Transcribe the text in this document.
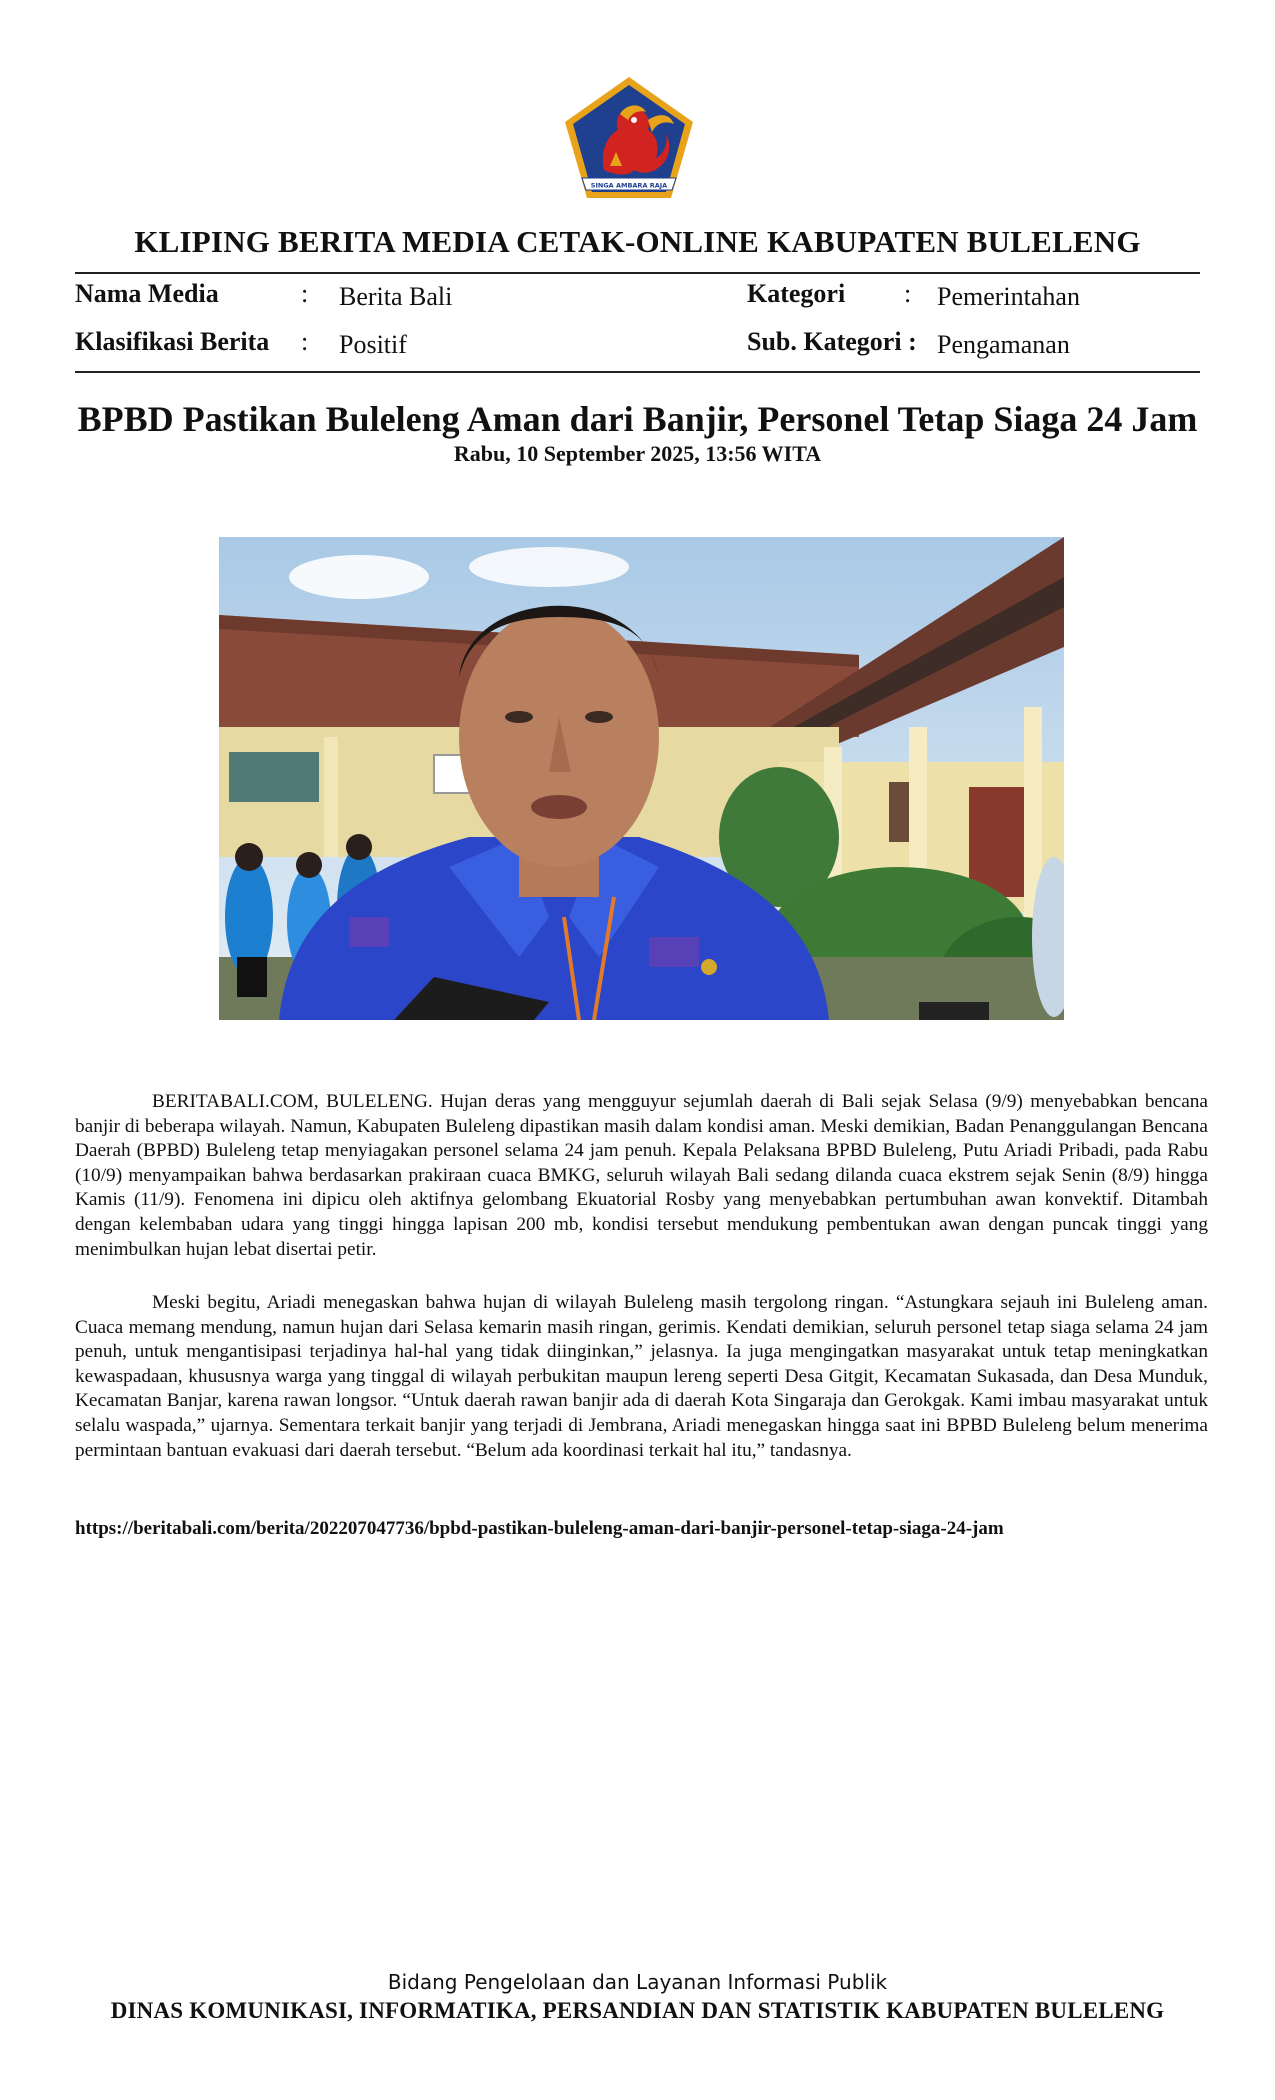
SINGA AMBARA RAJA
KLIPING BERITA MEDIA CETAK-ONLINE KABUPATEN BULELENG
Nama Media	: Berita Bali
Klasifikasi Berita : Positif
Kategori : Pemerintahan
Sub. Kategori : Pengamanan
BPBD Pastikan Buleleng Aman dari Banjir, Personel Tetap Siaga 24 Jam
Rabu, 10 September 2025, 13:56 WITA

BERITABALI.COM, BULELENG. Hujan deras yang mengguyur sejumlah daerah di Bali sejak Selasa (9/9) menyebabkan bencana banjir di beberapa wilayah. Namun, Kabupaten Buleleng dipastikan masih dalam kondisi aman. Meski demikian, Badan Penanggulangan Bencana Daerah (BPBD) Buleleng tetap menyiagakan personel selama 24 jam penuh. Kepala Pelaksana BPBD Buleleng, Putu Ariadi Pribadi, pada Rabu (10/9) menyampaikan bahwa berdasarkan prakiraan cuaca BMKG, seluruh wilayah Bali sedang dilanda cuaca ekstrem sejak Senin (8/9) hingga Kamis (11/9). Fenomena ini dipicu oleh aktifnya gelombang Ekuatorial Rosby yang menyebabkan pertumbuhan awan konvektif. Ditambah dengan kelembaban udara yang tinggi hingga lapisan 200 mb, kondisi tersebut mendukung pembentukan awan dengan puncak tinggi yang menimbulkan hujan lebat disertai petir.

Meski begitu, Ariadi menegaskan bahwa hujan di wilayah Buleleng masih tergolong ringan. “Astungkara sejauh ini Buleleng aman. Cuaca memang mendung, namun hujan dari Selasa kemarin masih ringan, gerimis. Kendati demikian, seluruh personel tetap siaga selama 24 jam penuh, untuk mengantisipasi terjadinya hal-hal yang tidak diinginkan,” jelasnya. Ia juga mengingatkan masyarakat untuk tetap meningkatkan kewaspadaan, khususnya warga yang tinggal di wilayah perbukitan maupun lereng seperti Desa Gitgit, Kecamatan Sukasada, dan Desa Munduk, Kecamatan Banjar, karena rawan longsor. “Untuk daerah rawan banjir ada di daerah Kota Singaraja dan Gerokgak. Kami imbau masyarakat untuk selalu waspada,” ujarnya. Sementara terkait banjir yang terjadi di Jembrana, Ariadi menegaskan hingga saat ini BPBD Buleleng belum menerima permintaan bantuan evakuasi dari daerah tersebut. “Belum ada koordinasi terkait hal itu,” tandasnya.

https://beritabali.com/berita/202207047736/bpbd-pastikan-buleleng-aman-dari-banjir-personel-tetap-siaga-24-jam
Bidang Pengelolaan dan Layanan Informasi Publik
DINAS KOMUNIKASI, INFORMATIKA, PERSANDIAN DAN STATISTIK KABUPATEN BULELENG
